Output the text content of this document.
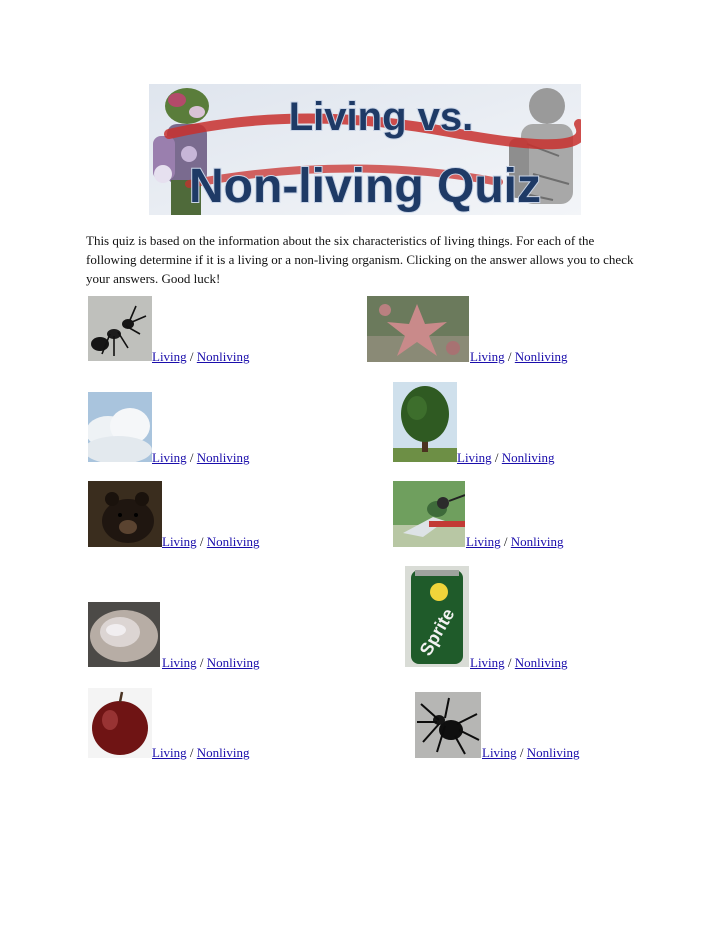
Living vs.
Non-living Quiz

This quiz is based on the information about the six characteristics of living things. For each of the following determine if it is a living or a non-living organism. Clicking on the answer allows you to check your answers. Good luck!

Living / Nonliving	Living / Nonliving
Living / Nonliving	Living / Nonliving
Living / Nonliving	Living / Nonliving
Living / Nonliving
Sprite
Living / Nonliving
Living / Nonliving	Living / Nonliving
